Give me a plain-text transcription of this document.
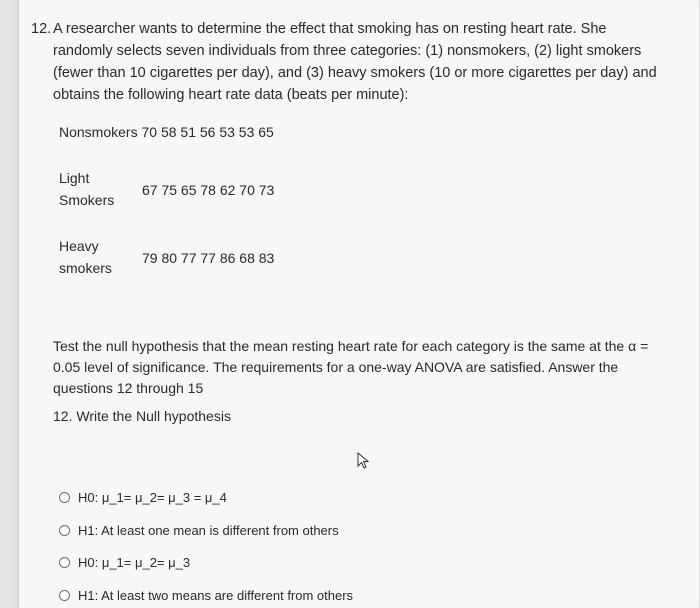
12. A researcher wants to determine the effect that smoking has on resting heart rate. She randomly selects seven individuals from three categories: (1) nonsmokers, (2) light smokers (fewer than 10 cigarettes per day), and (3) heavy smokers (10 or more cigarettes per day) and obtains the following heart rate data (beats per minute):
Nonsmokers 70 58 51 56 53 53 65
Light
Smokers
67 75 65 78 62 70 73
Heavy
smokers
79 80 77 77 86 68 83
Test the null hypothesis that the mean resting heart rate for each category is the same at the α = 0.05 level of significance. The requirements for a one-way ANOVA are satisfied. Answer the questions 12 through 15
12. Write the Null hypothesis
H0: μ_1= μ_2= μ_3 = μ_4
H1: At least one mean is different from others
H0: μ_1= μ_2= μ_3
H1: At least two means are different from others
